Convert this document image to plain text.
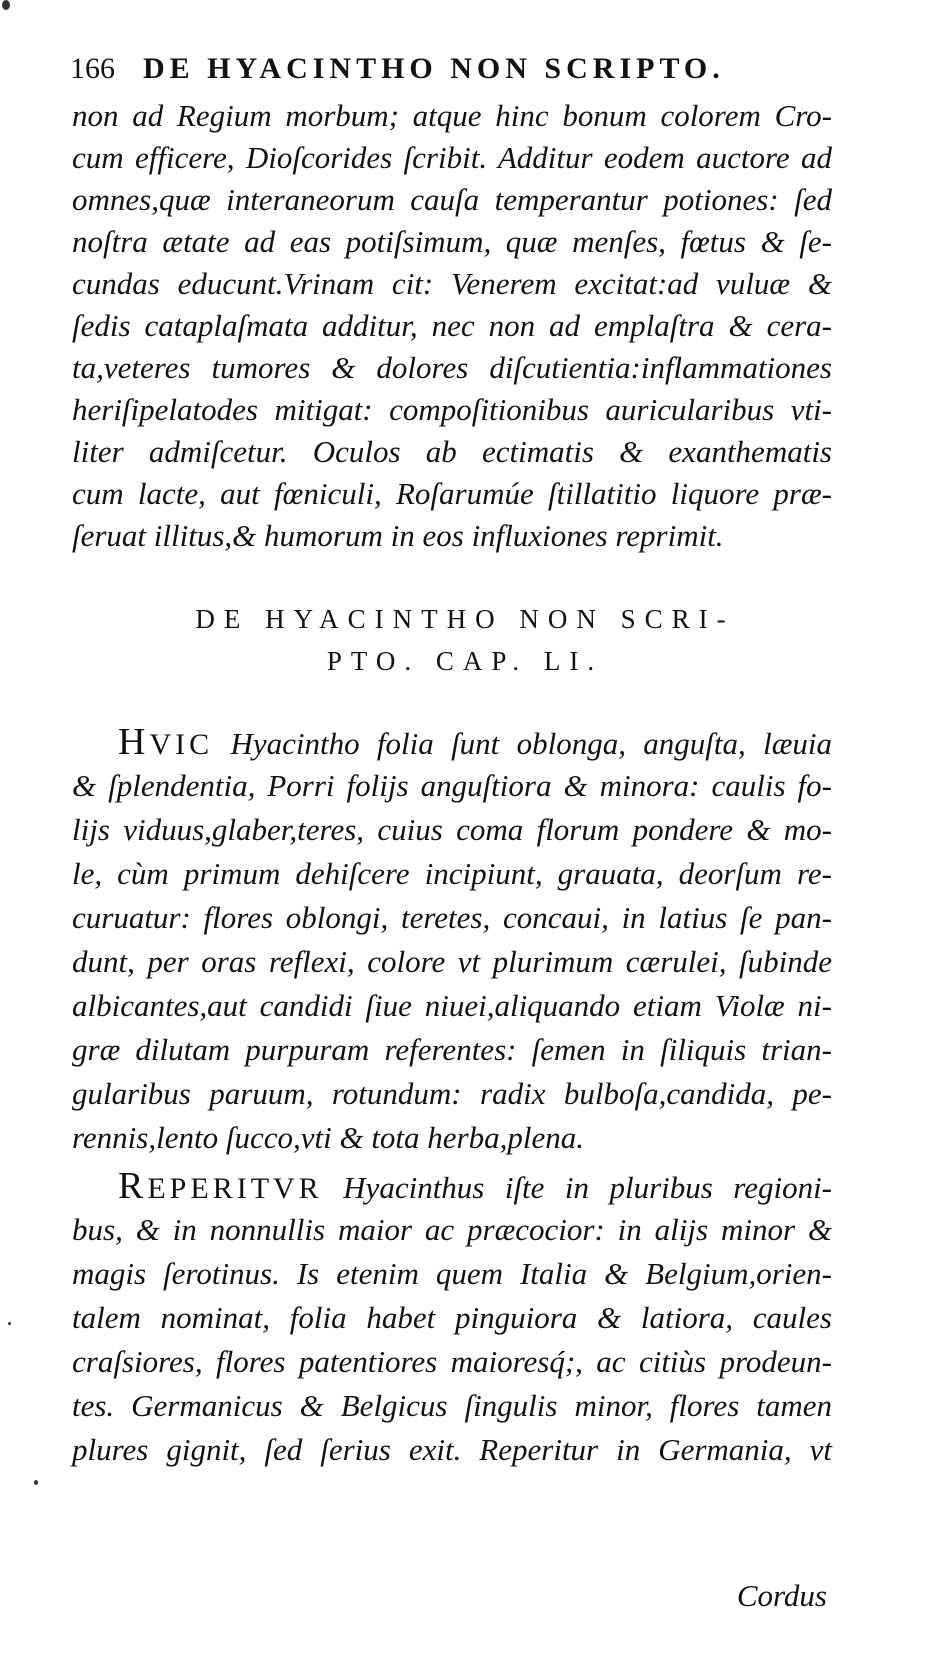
166 DE HYACINTHO NON SCRIPTO.
non ad Regium morbum; atque hinc bonum colorem Cro-
cum efficere, Dioſcorides ſcribit. Additur eodem auctore ad
omnes,quæ interaneorum cauſa temperantur potiones: ſed
noſtra ætate ad eas potiſsimum, quæ menſes, fœtus & ſe-
cundas educunt.Vrinam cit: Venerem excitat:ad vuluæ &
ſedis cataplaſmata additur, nec non ad emplaſtra & cera-
ta,veteres tumores & dolores diſcutientia:inflammationes
heriſipelatodes mitigat: compoſitionibus auricularibus vti-
liter admiſcetur. Oculos ab ectimatis & exanthematis
cum lacte, aut fœniculi, Roſarumúe ſtillatitio liquore præ-
ſeruat illitus,& humorum in eos influxiones reprimit.
DE HYACINTHO NON SCRI-
PTO. CAP. LI.
HVIC Hyacintho folia ſunt oblonga, anguſta, læuia
& ſplendentia, Porri folijs anguſtiora & minora: caulis fo-
lijs viduus,glaber,teres, cuius coma florum pondere & mo-
le, cùm primum dehiſcere incipiunt, grauata, deorſum re-
curuatur: flores oblongi, teretes, concaui, in latius ſe pan-
dunt, per oras reflexi, colore vt plurimum cærulei, ſubinde
albicantes,aut candidi ſiue niuei,aliquando etiam Violæ ni-
græ dilutam purpuram referentes: ſemen in ſiliquis trian-
gularibus paruum, rotundum: radix bulboſa,candida, pe-
rennis,lento ſucco,vti & tota herba,plena.
REPERITVR Hyacinthus iſte in pluribus regioni-
bus, & in nonnullis maior ac præcocior: in alijs minor &
magis ſerotinus. Is etenim quem Italia & Belgium,orien-
talem nominat, folia habet pinguiora & latiora, caules
craſsiores, flores patentiores maioresq́;, ac citiùs prodeun-
tes. Germanicus & Belgicus ſingulis minor, flores tamen
plures gignit, ſed ſerius exit. Reperitur in Germania, vt
Cordus
